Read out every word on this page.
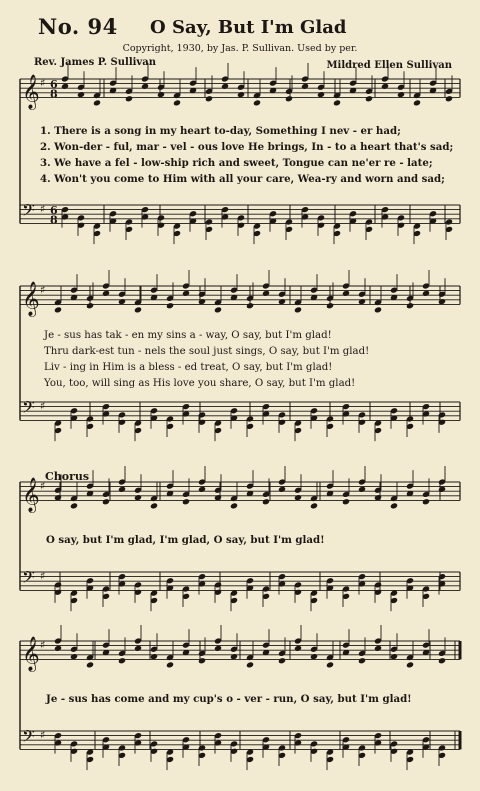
No. 94 O Say, But I'm Glad
Copyright, 1930, by Jas. P. Sullivan. Used by per.
Rev. James P. Sullivan	Mildred Ellen Sullivan
𝄞 ♯ 6
8
𝄢 ♯ 6
8
𝄞 ♯
𝄢 ♯
𝄞 ♯
𝄢 ♯
𝄞 ♯
𝄢 ♯
1. There is a song in my heart to-day, Something I nev - er had;
2. Won-der - ful, mar - vel - ous love He brings, In - to a heart that's sad;
3. We have a fel - low-ship rich and sweet, Tongue can ne'er re - late;
4. Won't you come to Him with all your care, Wea-ry and worn and sad;
Je - sus has tak - en my sins a - way, O say, but I'm glad!
Thru dark-est tun - nels the soul just sings, O say, but I'm glad!
Liv - ing in Him is a bless - ed treat, O say, but I'm glad!
You, too, will sing as His love you share, O say, but I'm glad!
Chorus
O say, but I'm glad, I'm glad, O say, but I'm glad!
Je - sus has come and my cup's o - ver - run, O say, but I'm glad!
